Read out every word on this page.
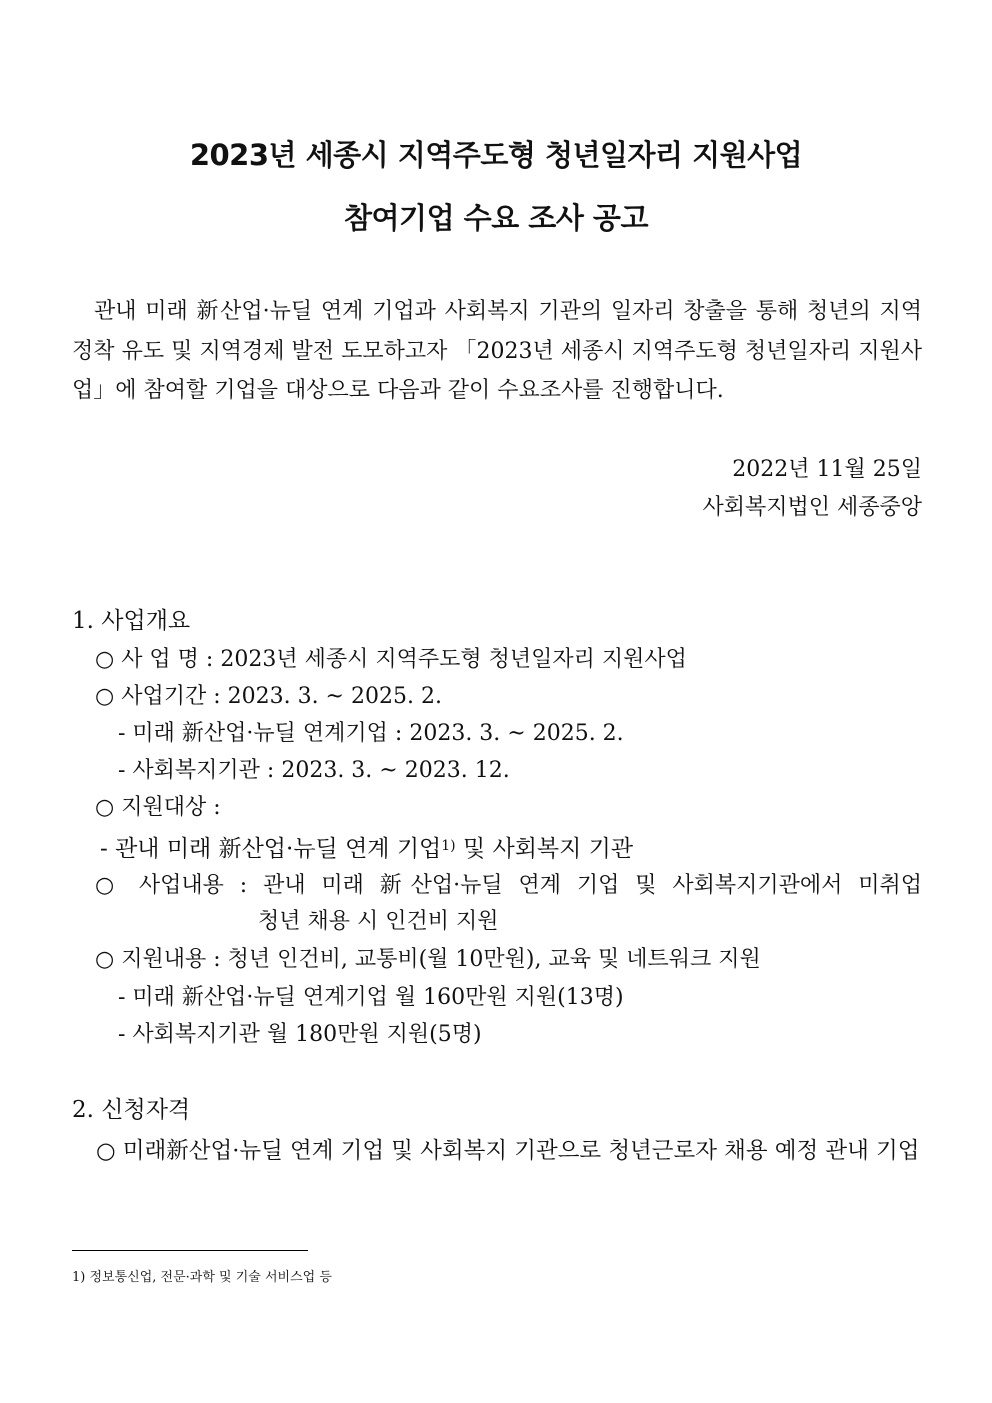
2023년 세종시 지역주도형 청년일자리 지원사업
참여기업 수요 조사 공고
관내 미래 新산업·뉴딜 연계 기업과 사회복지 기관의 일자리 창출을 통해 청년의 지역 정착 유도 및 지역경제 발전 도모하고자 「2023년 세종시 지역주도형 청년일자리 지원사업」에 참여할 기업을 대상으로 다음과 같이 수요조사를 진행합니다.
2022년 11월 25일
사회복지법인 세종중앙
1. 사업개요
○ 사 업 명 : 2023년 세종시 지역주도형 청년일자리 지원사업
○ 사업기간 : 2023. 3. ~ 2025. 2.
- 미래 新산업·뉴딜 연계기업 : 2023. 3. ~ 2025. 2.
- 사회복지기관 : 2023. 3. ~ 2023. 12.
○ 지원대상 :
- 관내 미래 新산업·뉴딜 연계 기업$^{1)}$ 및 사회복지 기관
○ 사업내용 : 관내 미래 新산업·뉴딜 연계 기업 및 사회복지기관에서 미취업
청년 채용 시 인건비 지원
○ 지원내용 : 청년 인건비, 교통비(월 10만원), 교육 및 네트워크 지원
- 미래 新산업·뉴딜 연계기업 월 160만원 지원(13명)
- 사회복지기관 월 180만원 지원(5명)
2. 신청자격
○ 미래新산업·뉴딜 연계 기업 및 사회복지 기관으로 청년근로자 채용 예정 관내 기업
1) 정보통신업, 전문·과학 및 기술 서비스업 등
